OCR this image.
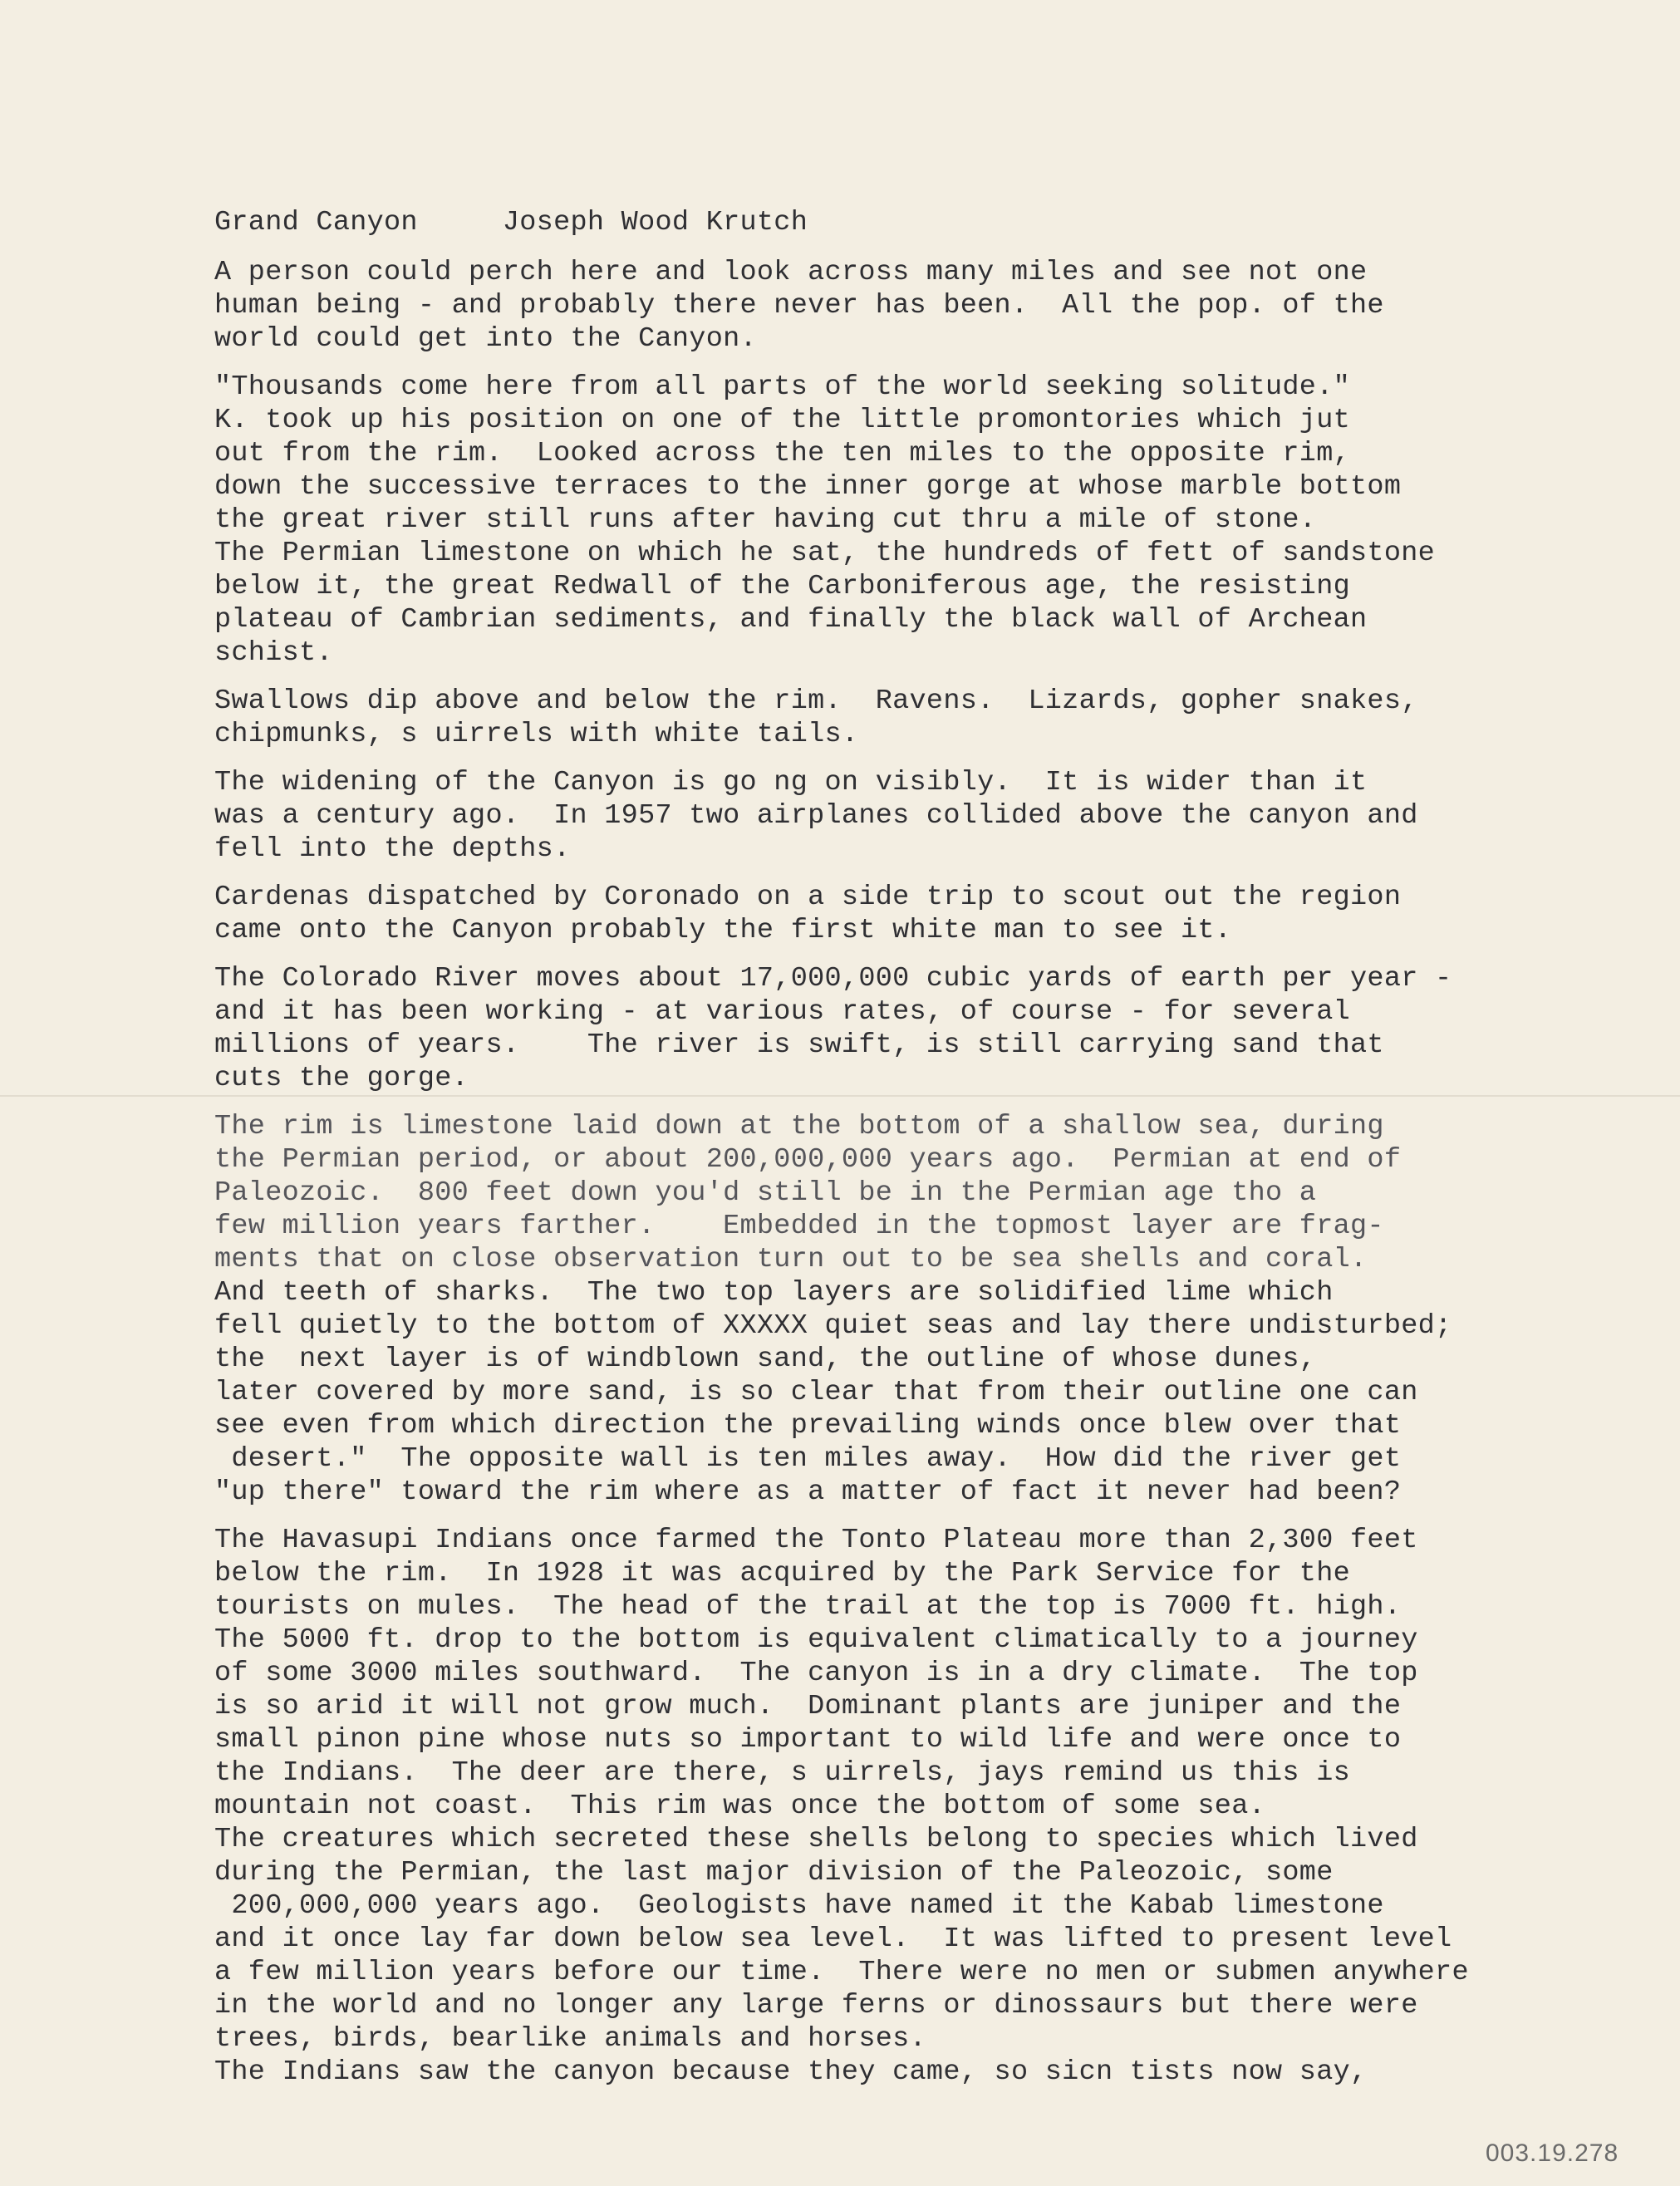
Grand Canyon     Joseph Wood Krutch
A person could perch here and look across many miles and see not one
human being - and probably there never has been.  All the pop. of the
world could get into the Canyon.
"Thousands come here from all parts of the world seeking solitude."
K. took up his position on one of the little promontories which jut
out from the rim.  Looked across the ten miles to the opposite rim,
down the successive terraces to the inner gorge at whose marble bottom
the great river still runs after having cut thru a mile of stone.
The Permian limestone on which he sat, the hundreds of fett of sandstone
below it, the great Redwall of the Carboniferous age, the resisting
plateau of Cambrian sediments, and finally the black wall of Archean
schist.
Swallows dip above and below the rim.  Ravens.  Lizards, gopher snakes,
chipmunks, s uirrels with white tails.
The widening of the Canyon is go ng on visibly.  It is wider than it
was a century ago.  In 1957 two airplanes collided above the canyon and
fell into the depths.
Cardenas dispatched by Coronado on a side trip to scout out the region
came onto the Canyon probably the first white man to see it.
The Colorado River moves about 17,000,000 cubic yards of earth per year -
and it has been working - at various rates, of course - for several
millions of years.    The river is swift, is still carrying sand that
cuts the gorge.
The rim is limestone laid down at the bottom of a shallow sea, during
the Permian period, or about 200,000,000 years ago.  Permian at end of
Paleozoic.  800 feet down you'd still be in the Permian age tho a
few million years farther.    Embedded in the topmost layer are frag-
ments that on close observation turn out to be sea shells and coral.
And teeth of sharks.  The two top layers are solidified lime which
fell quietly to the bottom of XXXXX quiet seas and lay there undisturbed;
the  next layer is of windblown sand, the outline of whose dunes,
later covered by more sand, is so clear that from their outline one can
see even from which direction the prevailing winds once blew over that
desert."  The opposite wall is ten miles away.  How did the river get
"up there" toward the rim where as a matter of fact it never had been?
The Havasupi Indians once farmed the Tonto Plateau more than 2,300 feet
below the rim.  In 1928 it was acquired by the Park Service for the
tourists on mules.  The head of the trail at the top is 7000 ft. high.
The 5000 ft. drop to the bottom is equivalent climatically to a journey
of some 3000 miles southward.  The canyon is in a dry climate.  The top
is so arid it will not grow much.  Dominant plants are juniper and the
small pinon pine whose nuts so important to wild life and were once to
the Indians.  The deer are there, s uirrels, jays remind us this is
mountain not coast.  This rim was once the bottom of some sea.
The creatures which secreted these shells belong to species which lived
during the Permian, the last major division of the Paleozoic, some
200,000,000 years ago.  Geologists have named it the Kabab limestone
and it once lay far down below sea level.  It was lifted to present level
a few million years before our time.  There were no men or submen anywhere
in the world and no longer any large ferns or dinossaurs but there were
trees, birds, bearlike animals and horses.
The Indians saw the canyon because they came, so sicn tists now say,
003.19.278
